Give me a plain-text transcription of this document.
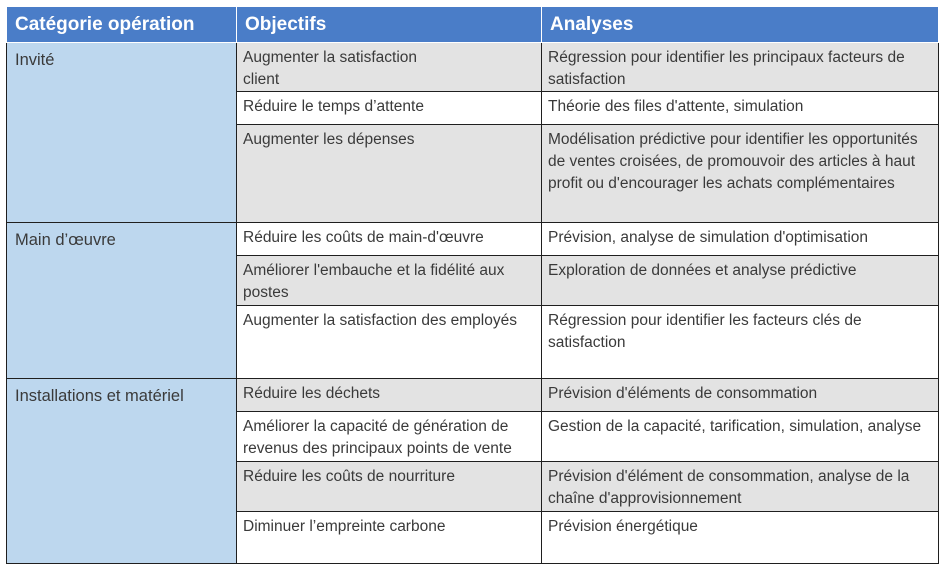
Catégorie opération	Objectifs	Analyses
Invité	Augmenter la satisfaction client	Régression pour identifier les principaux facteurs de satisfaction
	Réduire le temps d’attente	Théorie des files d'attente, simulation
	Augmenter les dépenses	Modélisation prédictive pour identifier les opportunités de ventes croisées, de promouvoir des articles à haut profit ou d'encourager les achats complémentaires
Main d’œuvre	Réduire les coûts de main-d'œuvre	Prévision, analyse de simulation d'optimisation
	Améliorer l'embauche et la fidélité aux postes	Exploration de données et analyse prédictive
	Augmenter la satisfaction des employés	Régression pour identifier les facteurs clés de satisfaction
Installations et matériel	Réduire les déchets	Prévision d'éléments de consommation
	Améliorer la capacité de génération de revenus des principaux points de vente	Gestion de la capacité, tarification, simulation, analyse
	Réduire les coûts de nourriture	Prévision d'élément de consommation, analyse de la chaîne d'approvisionnement
	Diminuer l’empreinte carbone	Prévision énergétique
